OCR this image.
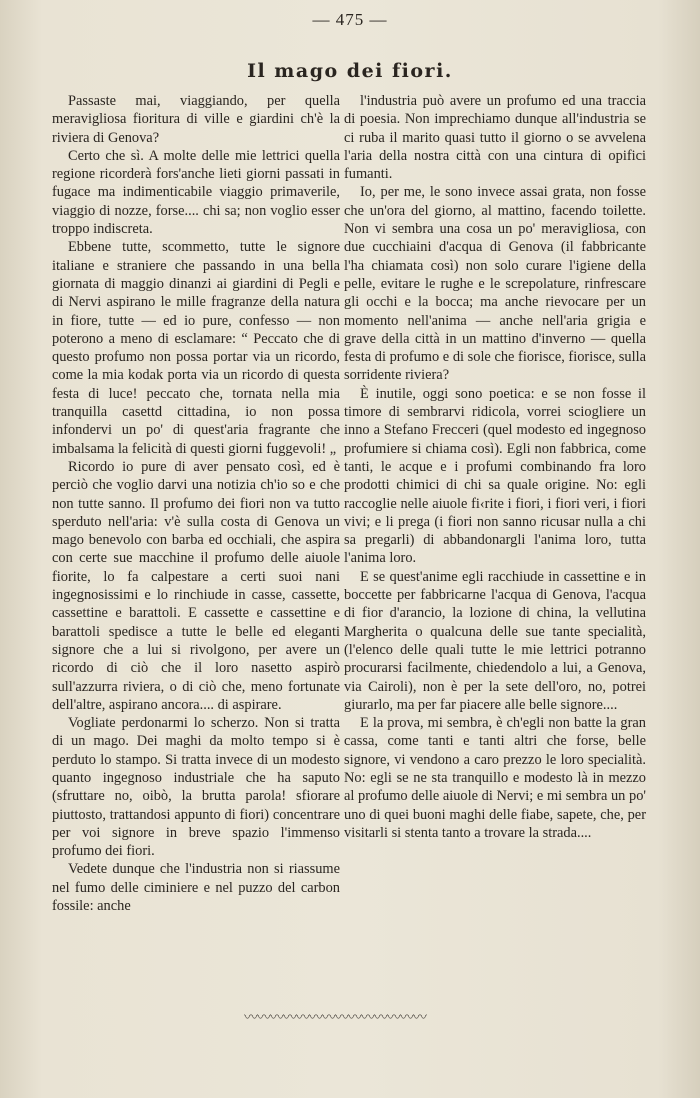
— 475 —
Il mago dei fiori.

Passaste mai, viaggiando, per quella meravigliosa fioritura di ville e giardini ch'è la riviera di Genova?

Certo che sì. A molte delle mie lettrici quella regione ricorderà fors'anche lieti giorni passati in fugace ma indimenticabile viaggio primaverile, viaggio di nozze, forse.... chi sa; non voglio esser troppo indiscreta.

Ebbene tutte, scommetto, tutte le signore italiane e straniere che passando in una bella giornata di maggio dinanzi ai giardini di Pegli e di Nervi aspirano le mille fragranze della natura in fiore, tutte — ed io pure, confesso — non poterono a meno di esclamare: “ Peccato che di questo profumo non possa portar via un ricordo, come la mia kodak porta via un ricordo di questa festa di luce! peccato che, tornata nella mia tranquilla casettd cittadina, io non possa infondervi un po' di quest'aria fragrante che imbalsama la felicità di questi giorni fuggevoli! „

Ricordo io pure di aver pensato così, ed è perciò che voglio darvi una notizia ch'io so e che non tutte sanno. Il profumo dei fiori non va tutto sperduto nell'aria: v'è sulla costa di Genova un mago benevolo con barba ed occhiali, che aspira con certe sue macchine il profumo delle aiuole fiorite, lo fa calpestare a certi suoi nani ingegnosissimi e lo rinchiude in casse, cassette, cassettine e barattoli. E cassette e cassettine e barattoli spedisce a tutte le belle ed eleganti signore che a lui si rivolgono, per avere un ricordo di ciò che il loro nasetto aspirò sull'azzurra riviera, o di ciò che, meno fortunate dell'altre, aspirano ancora.... di aspirare.

Vogliate perdonarmi lo scherzo. Non si tratta di un mago. Dei maghi da molto tempo si è perduto lo stampo. Si tratta invece di un modesto quanto ingegnoso industriale che ha saputo (sfruttare no, oibò, la brutta parola! sfiorare piuttosto, trattandosi appunto di fiori) concentrare per voi signore in breve spazio l'immenso profumo dei fiori.

Vedete dunque che l'industria non si riassume nel fumo delle ciminiere e nel puzzo del carbon fossile: anche

l'industria può avere un profumo ed una traccia di poesia. Non imprechiamo dunque all'industria se ci ruba il marito quasi tutto il giorno o se avvelena l'aria della nostra città con una cintura di opifici fumanti.

Io, per me, le sono invece assai grata, non fosse che un'ora del giorno, al mattino, facendo toilette. Non vi sembra una cosa un po' meravigliosa, con due cucchiaini d'acqua di Genova (il fabbricante l'ha chiamata così) non solo curare l'igiene della pelle, evitare le rughe e le screpolature, rinfrescare gli occhi e la bocca; ma anche rievocare per un momento nell'anima — anche nell'aria grigia e grave della città in un mattino d'inverno — quella festa di profumo e di sole che fiorisce, fiorisce, sulla sorridente riviera?

È inutile, oggi sono poetica: e se non fosse il timore di sembrarvi ridicola, vorrei sciogliere un inno a Stefano Frecceri (quel modesto ed ingegnoso profumiere si chiama così). Egli non fabbrica, come tanti, le acque e i profumi combinando fra loro prodotti chimici di chi sa quale origine. No: egli raccoglie nelle aiuole fi‹rite i fiori, i fiori veri, i fiori vivi; e li prega (i fiori non sanno ricusar nulla a chi sa pregarli) di abbandonargli l'anima loro, tutta l'anima loro.

E se quest'anime egli racchiude in cassettine e in boccette per fabbricarne l'acqua di Genova, l'acqua di fior d'arancio, la lozione di china, la vellutina Margherita o qualcuna delle sue tante specialità, (l'elenco delle quali tutte le mie lettrici potranno procurarsi facilmente, chiedendolo a lui, a Genova, via Cairoli), non è per la sete dell'oro, no, potrei giurarlo, ma per far piacere alle belle signore....

E la prova, mi sembra, è ch'egli non batte la gran cassa, come tanti e tanti altri che forse, belle signore, vi vendono a caro prezzo le loro specialità. No: egli se ne sta tranquillo e modesto là in mezzo al profumo delle aiuole di Nervi; e mi sembra un po' uno di quei buoni maghi delle fiabe, sapete, che, per visitarli si stenta tanto a trovare la strada....

〰〰〰〰〰〰〰〰〰〰〰〰〰〰
